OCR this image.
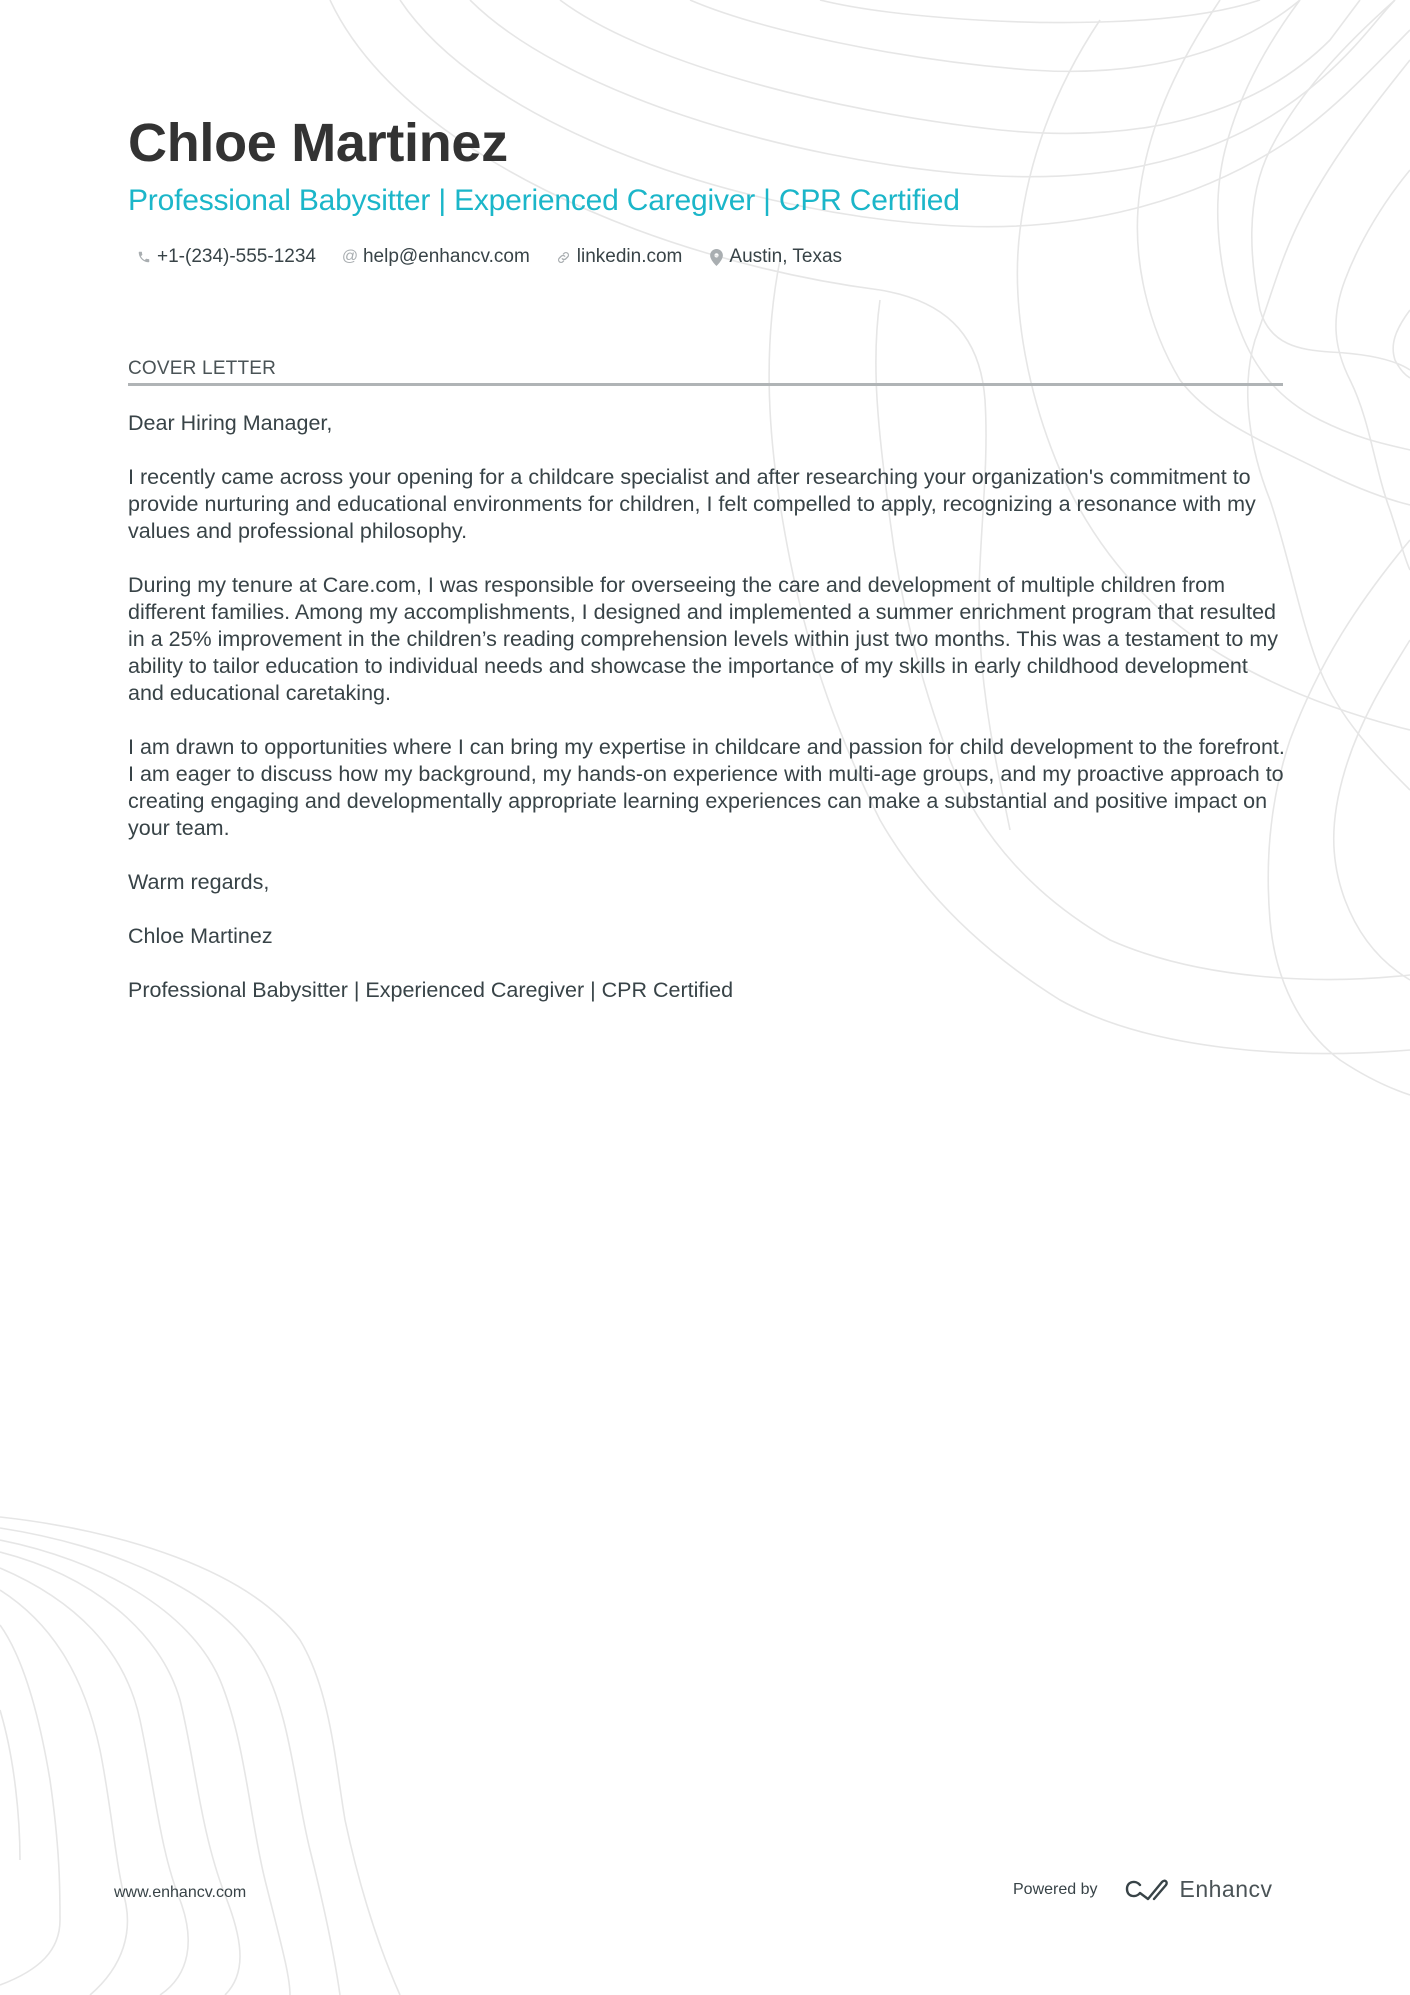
Chloe Martinez
Professional Babysitter | Experienced Caregiver | CPR Certified
+1-(234)-555-1234 @ help@enhancv.com linkedin.com Austin, Texas
COVER LETTER

Dear Hiring Manager,

I recently came across your opening for a childcare specialist and after researching your organization's commitment to provide nurturing and educational environments for children, I felt compelled to apply, recognizing a resonance with my values and professional philosophy.

During my tenure at Care.com, I was responsible for overseeing the care and development of multiple children from different families. Among my accomplishments, I designed and implemented a summer enrichment program that resulted in a 25% improvement in the children’s reading comprehension levels within just two months. This was a testament to my ability to tailor education to individual needs and showcase the importance of my skills in early childhood development and educational caretaking.

I am drawn to opportunities where I can bring my expertise in childcare and passion for child development to the forefront. I am eager to discuss how my background, my hands-on experience with multi-age groups, and my proactive approach to creating engaging and developmentally appropriate learning experiences can make a substantial and positive impact on your team.

Warm regards,

Chloe Martinez

Professional Babysitter | Experienced Caregiver | CPR Certified

www.enhancv.com	Powered by	Enhancv
